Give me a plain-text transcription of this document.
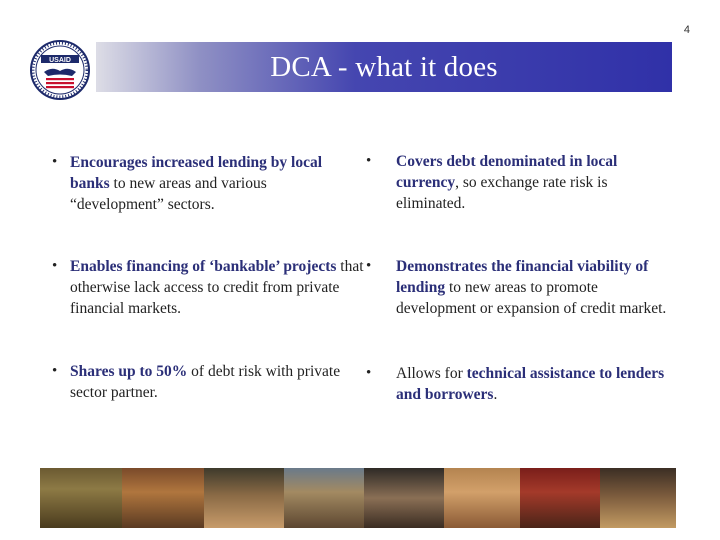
4
USAID	DCA - what it does
• Encourages increased lending by local banks to new areas and various “development” sectors.
• Enables financing of ‘bankable’ projects that otherwise lack access to credit from private financial markets.
• Shares up to 50% of debt risk with private sector partner.
•	Covers debt denominated in local currency, so exchange rate risk is eliminated.
•	Demonstrates the financial viability of lending to new areas to promote development or expansion of credit market.
•	Allows for technical assistance to lenders and borrowers.
